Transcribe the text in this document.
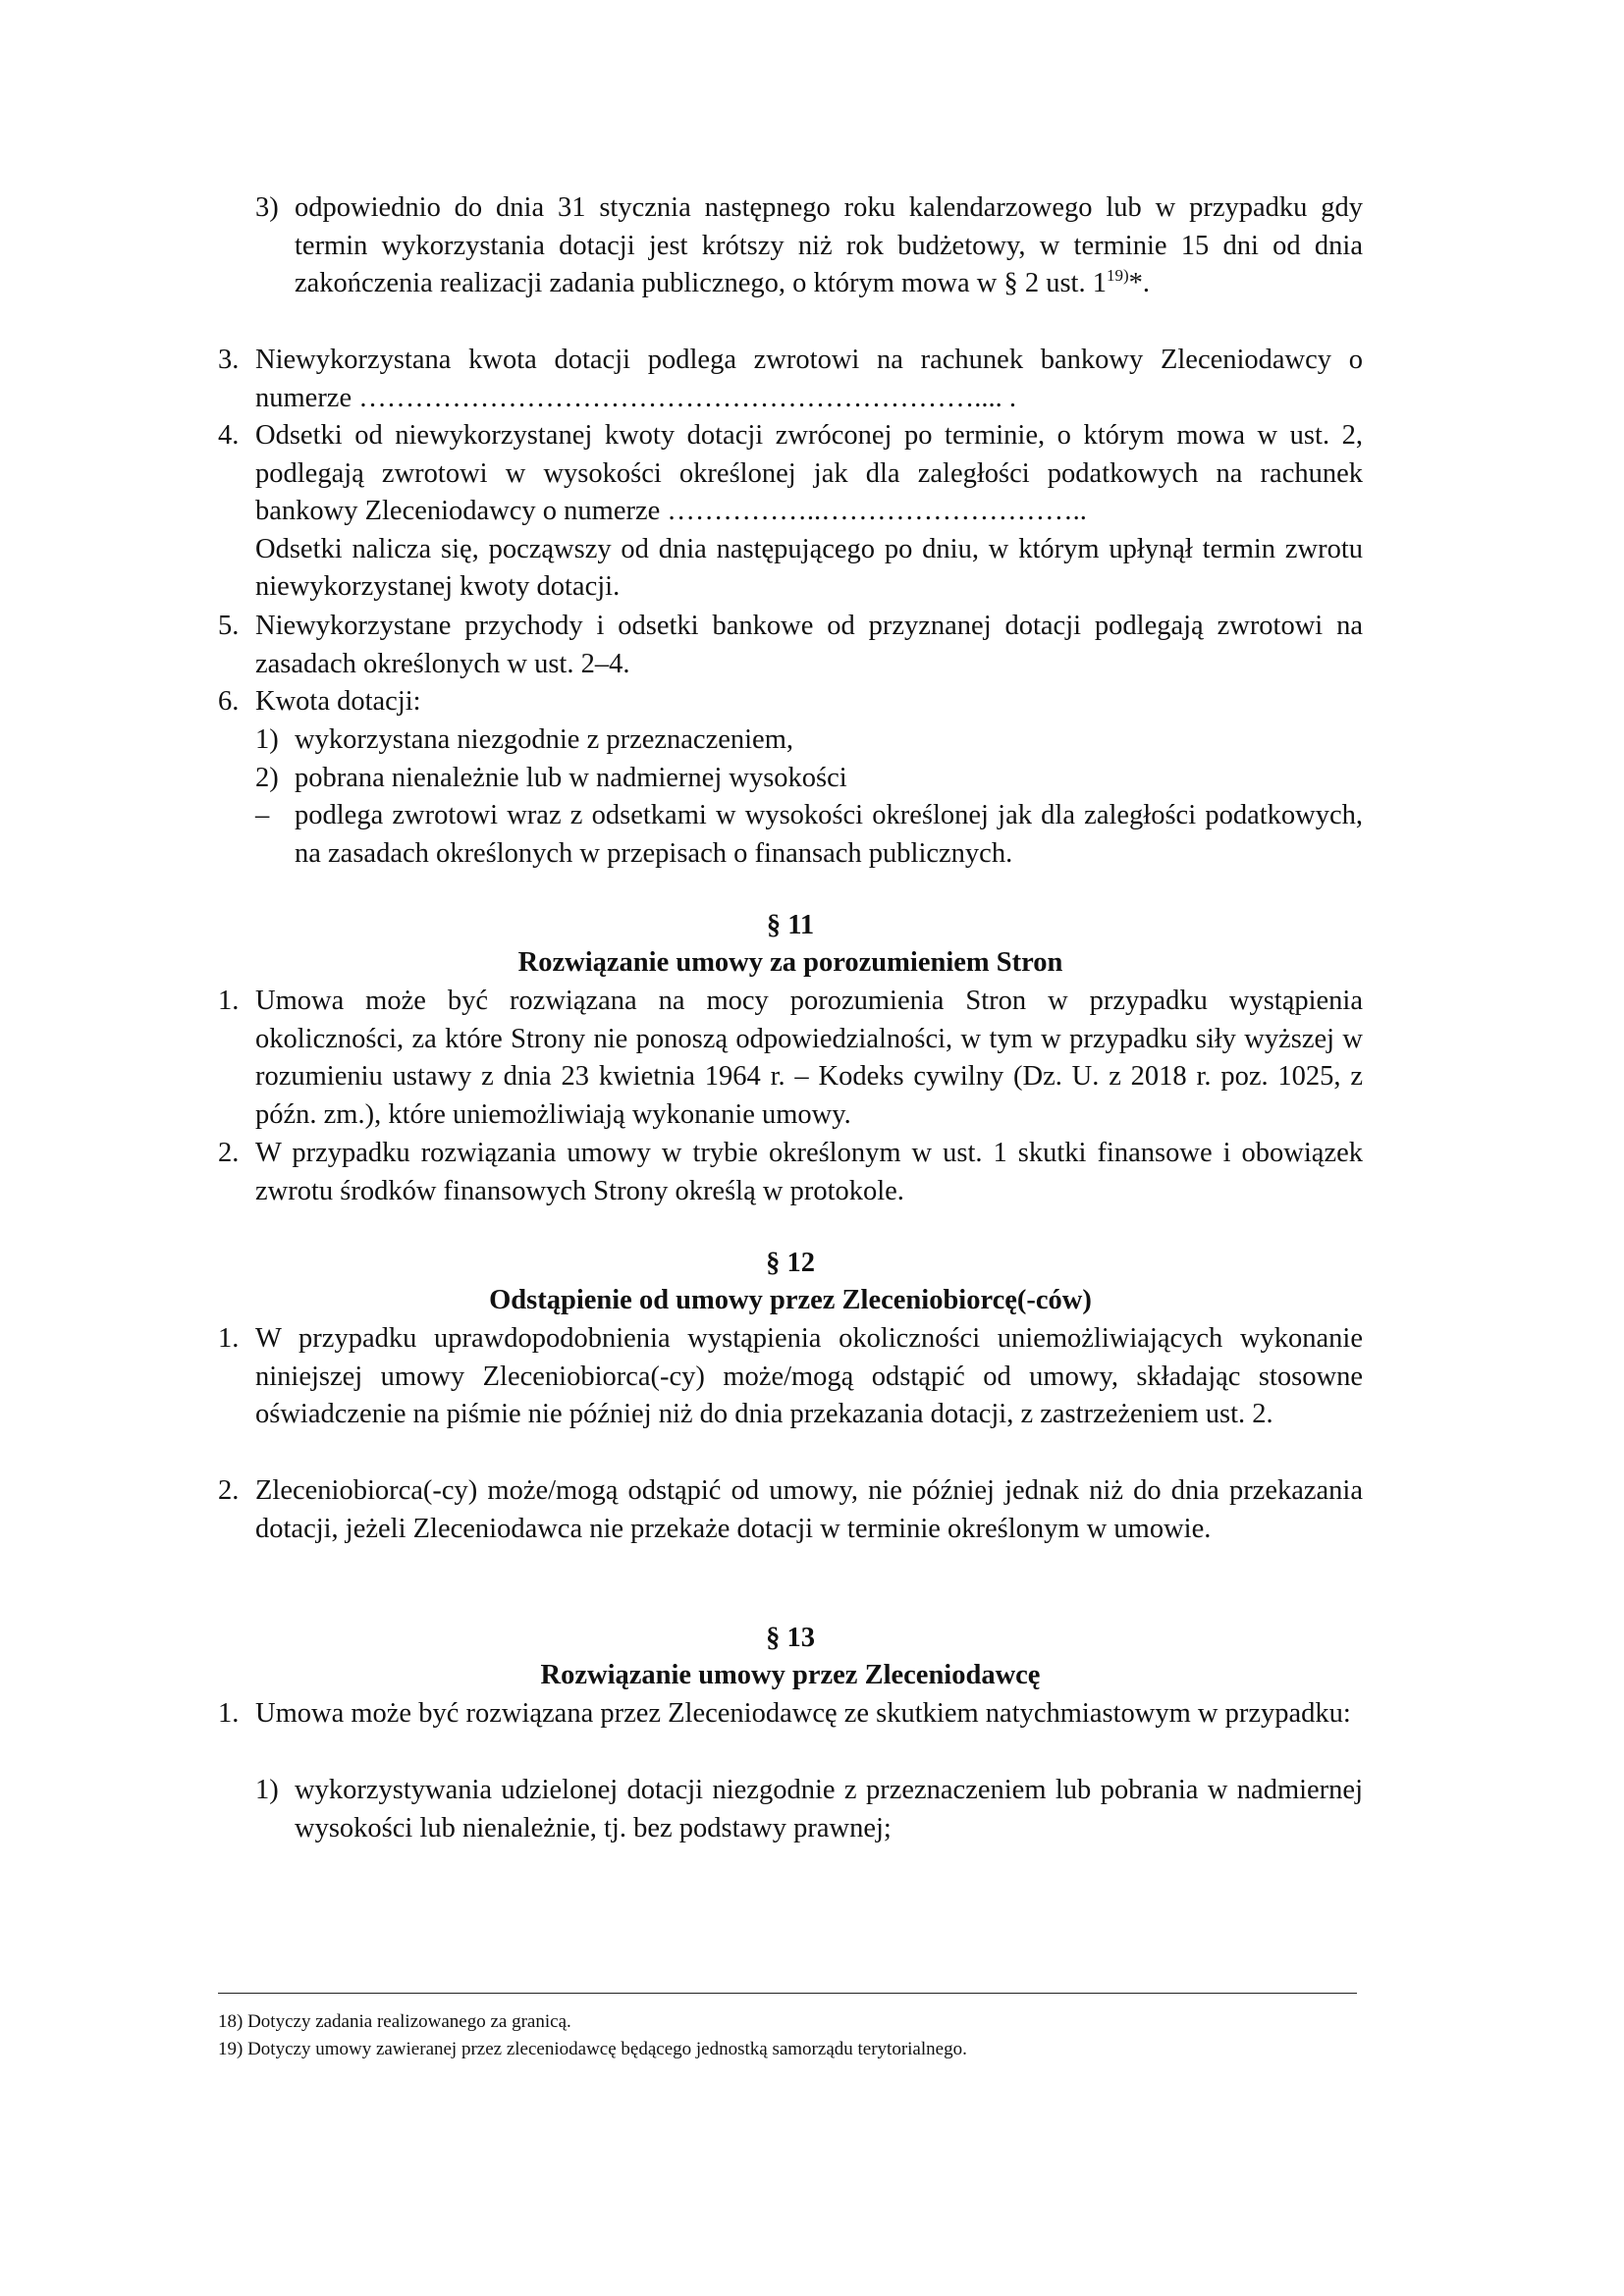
3) odpowiednio do dnia 31 stycznia następnego roku kalendarzowego lub w przypadku gdy termin wykorzystania dotacji jest krótszy niż rok budżetowy, w terminie 15 dni od dnia zakończenia realizacji zadania publicznego, o którym mowa w § 2 ust. 1$^{19)}$*.
3. Niewykorzystana kwota dotacji podlega zwrotowi na rachunek bankowy Zleceniodawcy o numerze ………………………………………………………….... .
4. Odsetki od niewykorzystanej kwoty dotacji zwróconej po terminie, o którym mowa w ust. 2, podlegają zwrotowi w wysokości określonej jak dla zaległości podatkowych na rachunek bankowy Zleceniodawcy o numerze ……………..………………………..
Odsetki nalicza się, począwszy od dnia następującego po dniu, w którym upłynął termin zwrotu niewykorzystanej kwoty dotacji.
5. Niewykorzystane przychody i odsetki bankowe od przyznanej dotacji podlegają zwrotowi na zasadach określonych w ust. 2–4.
6. Kwota dotacji:
1) wykorzystana niezgodnie z przeznaczeniem,
2) pobrana nienależnie lub w nadmiernej wysokości
– podlega zwrotowi wraz z odsetkami w wysokości określonej jak dla zaległości podatkowych, na zasadach określonych w przepisach o finansach publicznych.
§ 11
Rozwiązanie umowy za porozumieniem Stron
1. Umowa może być rozwiązana na mocy porozumienia Stron w przypadku wystąpienia okoliczności, za które Strony nie ponoszą odpowiedzialności, w tym w przypadku siły wyższej w rozumieniu ustawy z dnia 23 kwietnia 1964 r. – Kodeks cywilny (Dz. U. z 2018 r. poz. 1025, z późn. zm.), które uniemożliwiają wykonanie umowy.
2. W przypadku rozwiązania umowy w trybie określonym w ust. 1 skutki finansowe i obowiązek zwrotu środków finansowych Strony określą w protokole.
§ 12
Odstąpienie od umowy przez Zleceniobiorcę(-ców)
1. W przypadku uprawdopodobnienia wystąpienia okoliczności uniemożliwiających wykonanie niniejszej umowy Zleceniobiorca(-cy) może/mogą odstąpić od umowy, składając stosowne oświadczenie na piśmie nie później niż do dnia przekazania dotacji, z zastrzeżeniem ust. 2.
2. Zleceniobiorca(-cy) może/mogą odstąpić od umowy, nie później jednak niż do dnia przekazania dotacji, jeżeli Zleceniodawca nie przekaże dotacji w terminie określonym w umowie.
§ 13
Rozwiązanie umowy przez Zleceniodawcę
1. Umowa może być rozwiązana przez Zleceniodawcę ze skutkiem natychmiastowym w przypadku:
1) wykorzystywania udzielonej dotacji niezgodnie z przeznaczeniem lub pobrania w nadmiernej wysokości lub nienależnie, tj. bez podstawy prawnej;
18) Dotyczy zadania realizowanego za granicą.
19) Dotyczy umowy zawieranej przez zleceniodawcę będącego jednostką samorządu terytorialnego.
